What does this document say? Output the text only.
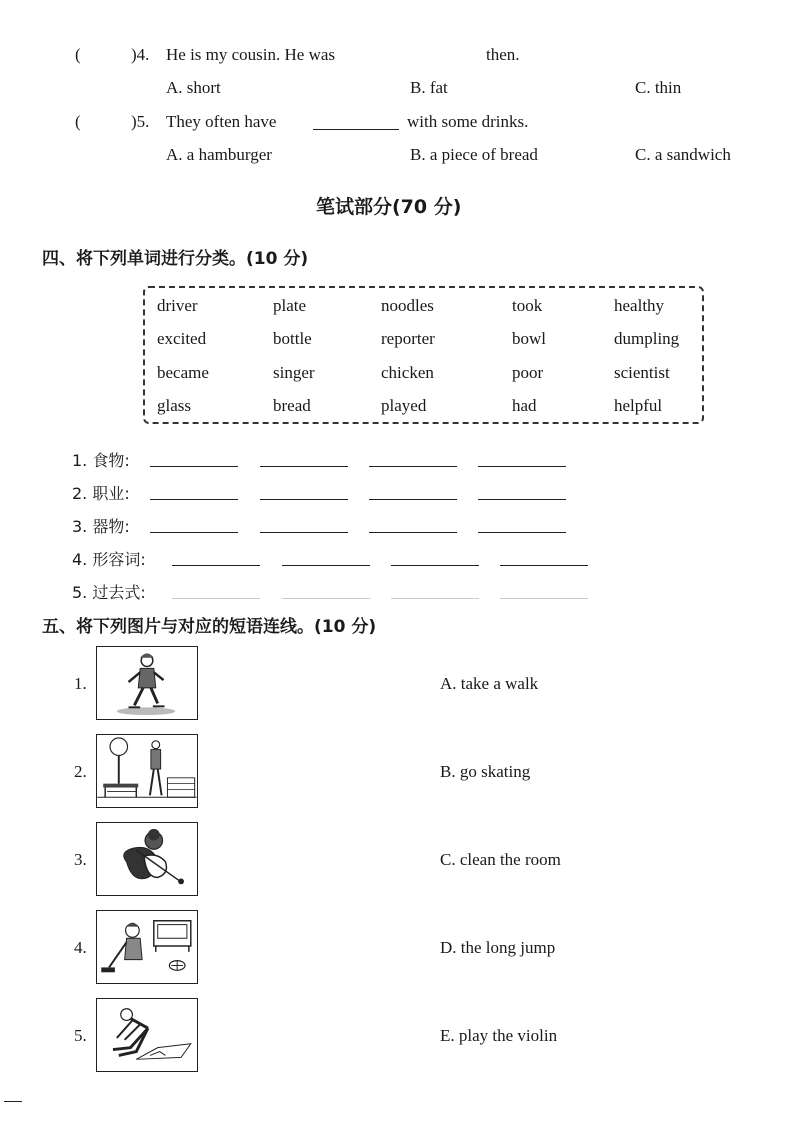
(	)4. He is my cousin. He was	then.
A. short	B. fat	C. thin
(	)5. They often have	with some drinks.
A. a hamburger	B. a piece of bread	C. a sandwich
笔试部分(70 分)
四、将下列单词进行分类。(10 分)
driver	plate	noodles	took	healthy
excited	bottle	reporter	bowl	dumpling
became	singer	chicken	poor	scientist
glass	bread	played	had	helpful
1. 食物:
2. 职业:
3. 器物:
4. 形容词:
5. 过去式:
五、将下列图片与对应的短语连线。(10 分)
1.	A. take a walk
2.	B. go skating
3.	C. clean the room
4.	D. the long jump
5.	E. play the violin
